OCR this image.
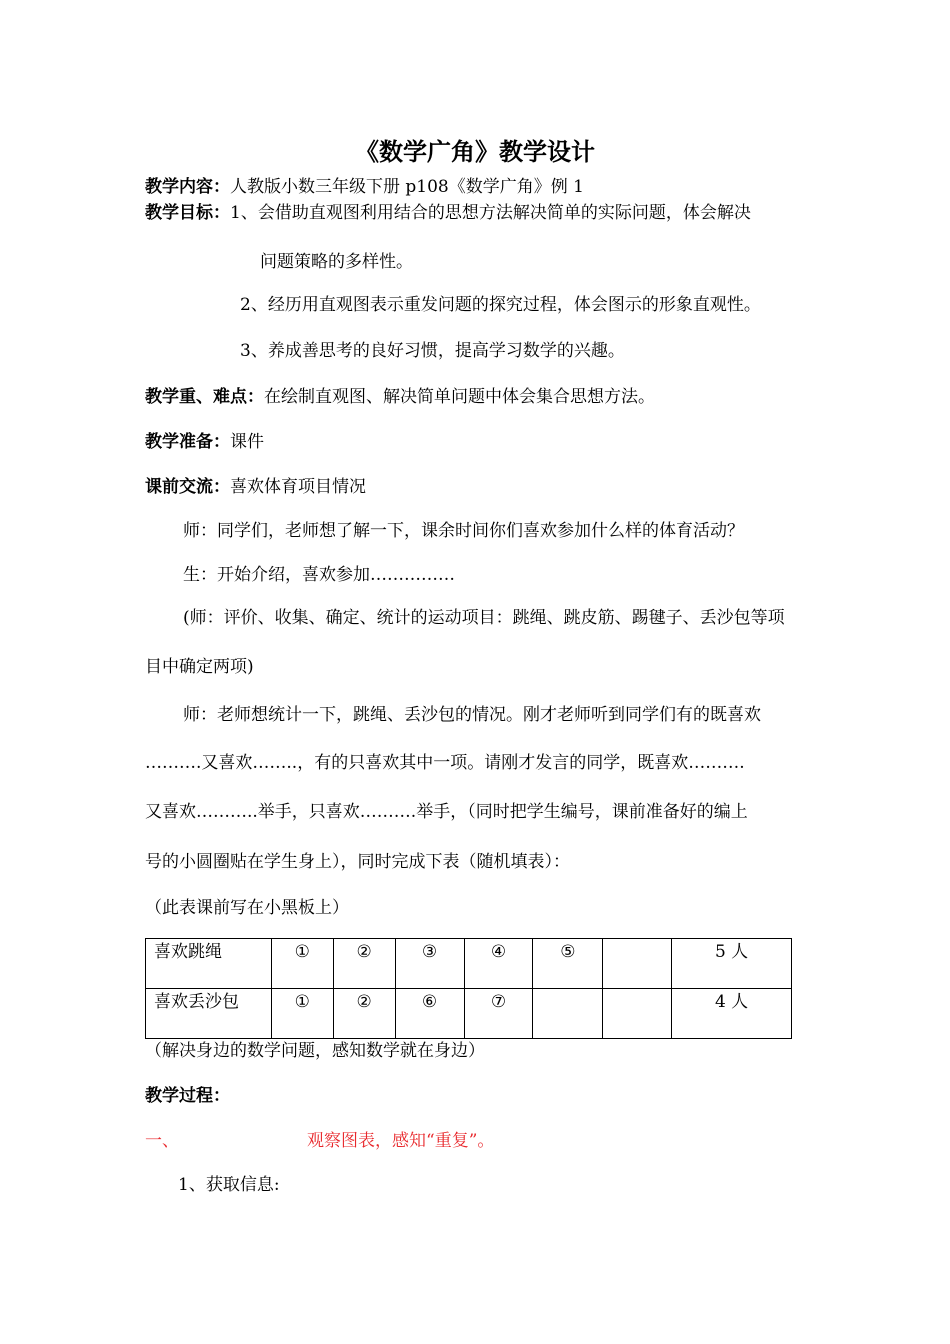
《数学广角》教学设计
教学内容：人教版小数三年级下册 p108《数学广角》例 1
教学目标：1、会借助直观图利用结合的思想方法解决简单的实际问题，体会解决
问题策略的多样性。
2、经历用直观图表示重发问题的探究过程，体会图示的形象直观性。
3、养成善思考的良好习惯，提高学习数学的兴趣。
教学重、难点：在绘制直观图、解决简单问题中体会集合思想方法。
教学准备：课件
课前交流：喜欢体育项目情况
师：同学们，老师想了解一下，课余时间你们喜欢参加什么样的体育活动？
生：开始介绍，喜欢参加……………
(师：评价、收集、确定、统计的运动项目：跳绳、跳皮筋、踢毽子、丢沙包等项
目中确定两项)
师：老师想统计一下，跳绳、丢沙包的情况。刚才老师听到同学们有的既喜欢
……….又喜欢……..，有的只喜欢其中一项。请刚才发言的同学，既喜欢……….
又喜欢………..举手，只喜欢……….举手，（同时把学生编号，课前准备好的编上
号的小圆圈贴在学生身上），同时完成下表（随机填表）：
（此表课前写在小黑板上）
喜欢跳绳	①	②	③	④	⑤		5 人
喜欢丢沙包	①	②	⑥	⑦			4 人
（解决身边的数学问题，感知数学就在身边）
教学过程：
一、	观察图表，感知“重复”。
1、获取信息:
